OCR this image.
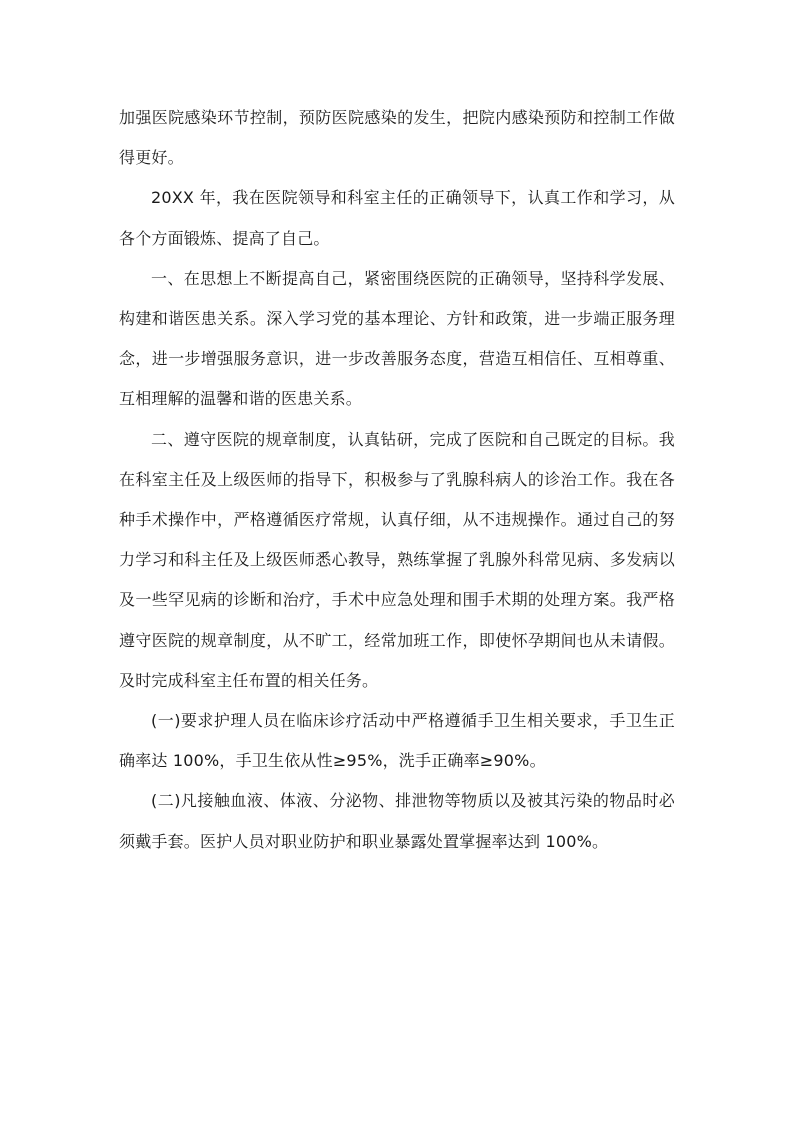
加强医院感染环节控制，预防医院感染的发生，把院内感染预防和控制工作做得更好。

20XX 年，我在医院领导和科室主任的正确领导下，认真工作和学习，从各个方面锻炼、提高了自己。

一、在思想上不断提高自己，紧密围绕医院的正确领导，坚持科学发展、构建和谐医患关系。深入学习党的基本理论、方针和政策，进一步端正服务理念，进一步增强服务意识，进一步改善服务态度，营造互相信任、互相尊重、互相理解的温馨和谐的医患关系。

二、遵守医院的规章制度，认真钻研，完成了医院和自己既定的目标。我在科室主任及上级医师的指导下，积极参与了乳腺科病人的诊治工作。我在各种手术操作中，严格遵循医疗常规，认真仔细，从不违规操作。通过自己的努力学习和科主任及上级医师悉心教导，熟练掌握了乳腺外科常见病、多发病以及一些罕见病的诊断和治疗，手术中应急处理和围手术期的处理方案。我严格遵守医院的规章制度，从不旷工，经常加班工作，即使怀孕期间也从未请假。及时完成科室主任布置的相关任务。

(一)要求护理人员在临床诊疗活动中严格遵循手卫生相关要求，手卫生正确率达 100%，手卫生依从性≥95%，洗手正确率≥90%。

(二)凡接触血液、体液、分泌物、排泄物等物质以及被其污染的物品时必须戴手套。医护人员对职业防护和职业暴露处置掌握率达到 100%。
